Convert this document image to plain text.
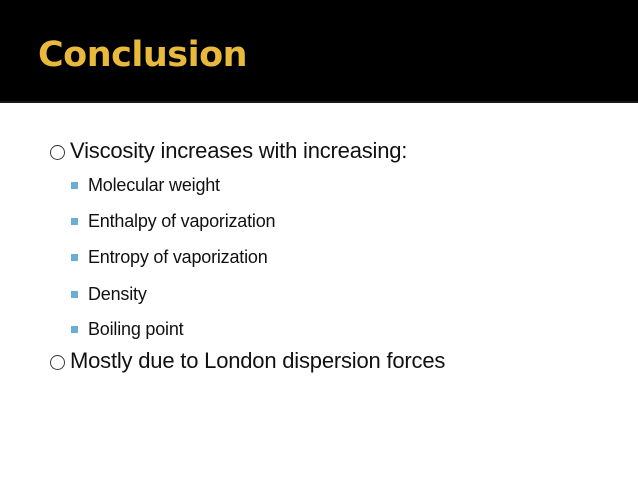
Conclusion
Viscosity increases with increasing:
Molecular weight
Enthalpy of vaporization
Entropy of vaporization
Density
Boiling point
Mostly due to London dispersion forces
